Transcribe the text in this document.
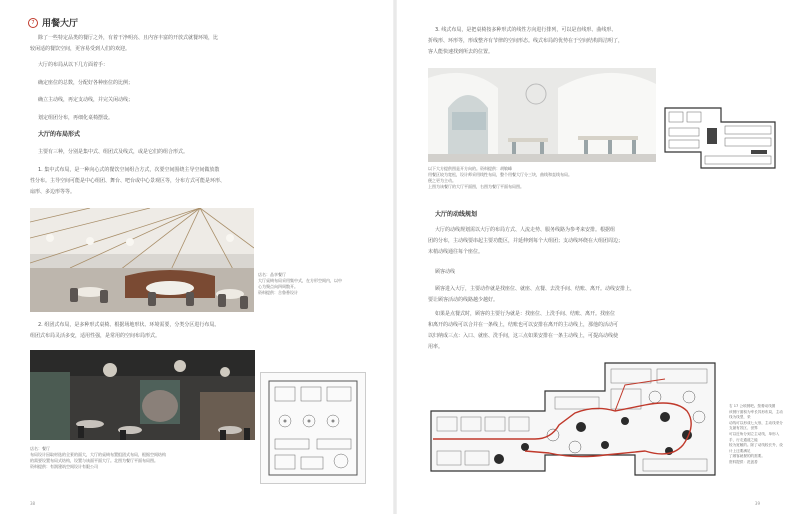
7 用餐大厅
除了一些特定品类的餐厅之外，有着干净明亮、且内容丰富的开放式就餐环境，比
较闲适的餐饮空间，更容易受到人们的欢迎。
大厅的布局从以下几方面着手：
确定座位的总数，分配好各种座位的比例；
确立主动线，再定支动线，并完关闲动线；
划定组团分布，再细化桌椅摆设。
大厅的布局形式
主要有三种，分别是集中式、组团式及线式，或是它们的组合形式。
1. 集中式布局，是一种向心式的餐饮空间组合方式，次要空间围绕主导空间做放散
性分布。主导空间可能是中心组团、舞台、吧台或中心景观区等，分布方式可能是环形、
扇形、多边形等等。

店名：品享餐厅

大厅桌椅布局采用集中式，在方形空间内，以中

心为聚点向四周散开。

资料提供：合鲁香设计

2. 组团式布局，是多种形式桌椅、根据场地形状、环境需要，分类分区进行布局。
组团式布局灵活多变，适用性强，是常用的空间布局形式。

店名：餐厅

布局设计因取材选的全景的面大，大厅的桌椅布置组团式布局，根据空间结构

的需要设置布局式结构，设置与该面平面大厅。北图为餐厅平面布局图。

资料提供：有润建筑空间设计有限公司

38
3. 线式布局，是把桌椅按多种形式的线性方向进行排列，可以是直线形、曲线形、
折线形、环形等，形成整齐有节律的空间形态。线式布局的优势在于空间结构简洁明了，
客人能快速找到所去的位置。

以下大方提供图是开方向的。资料提供：胡敏峰

用餐区较为宽松，设计师采用线性布局，整个用餐大厅分三块，曲线和直线布局。

便之更为主动。

上图为该餐厅的大厅平面图，右图为餐厅平面布局图。

大厅的动线规划

大厅的动线规划需以大厅的布局方式、人流走势、服务线路为参考来安排。根据组

团的分布，主动线要串起主要功能区，并延伸到每个大组团；支动线环绕在大组团周边；

末梢动线通往每个座位。

顾客动线

顾客进入大厅，主要动作就是找座位、就座、点餐、去洗手间、结账、离开。动线安排上，

要让顾客活动的线路越少越好。

如果是点餐式时，顾客的主要行为就是：找座位、上洗手间、结账、离开。找座位

和离开的动线可以合并在一条线上，结账也可以安排在离开的主动线上，那他的活动可

以归纳成三点：入口、就座、洗手间，这三点如果安排在一条主动线上，可提高动线使

用率。

右 17 公顷餐吧。按餐动线图

该餐厅面积为宰长异形布局，主动线为线型，采

动线可以形成七大形，主动线采分支最有效区、世界

可以近角分到立主动线，单形入手，行走通道之能

较为宽敞的。除了动线较长外，设计上还要满足

了顾客就餐的的需要。

资料提供：范创善

39
